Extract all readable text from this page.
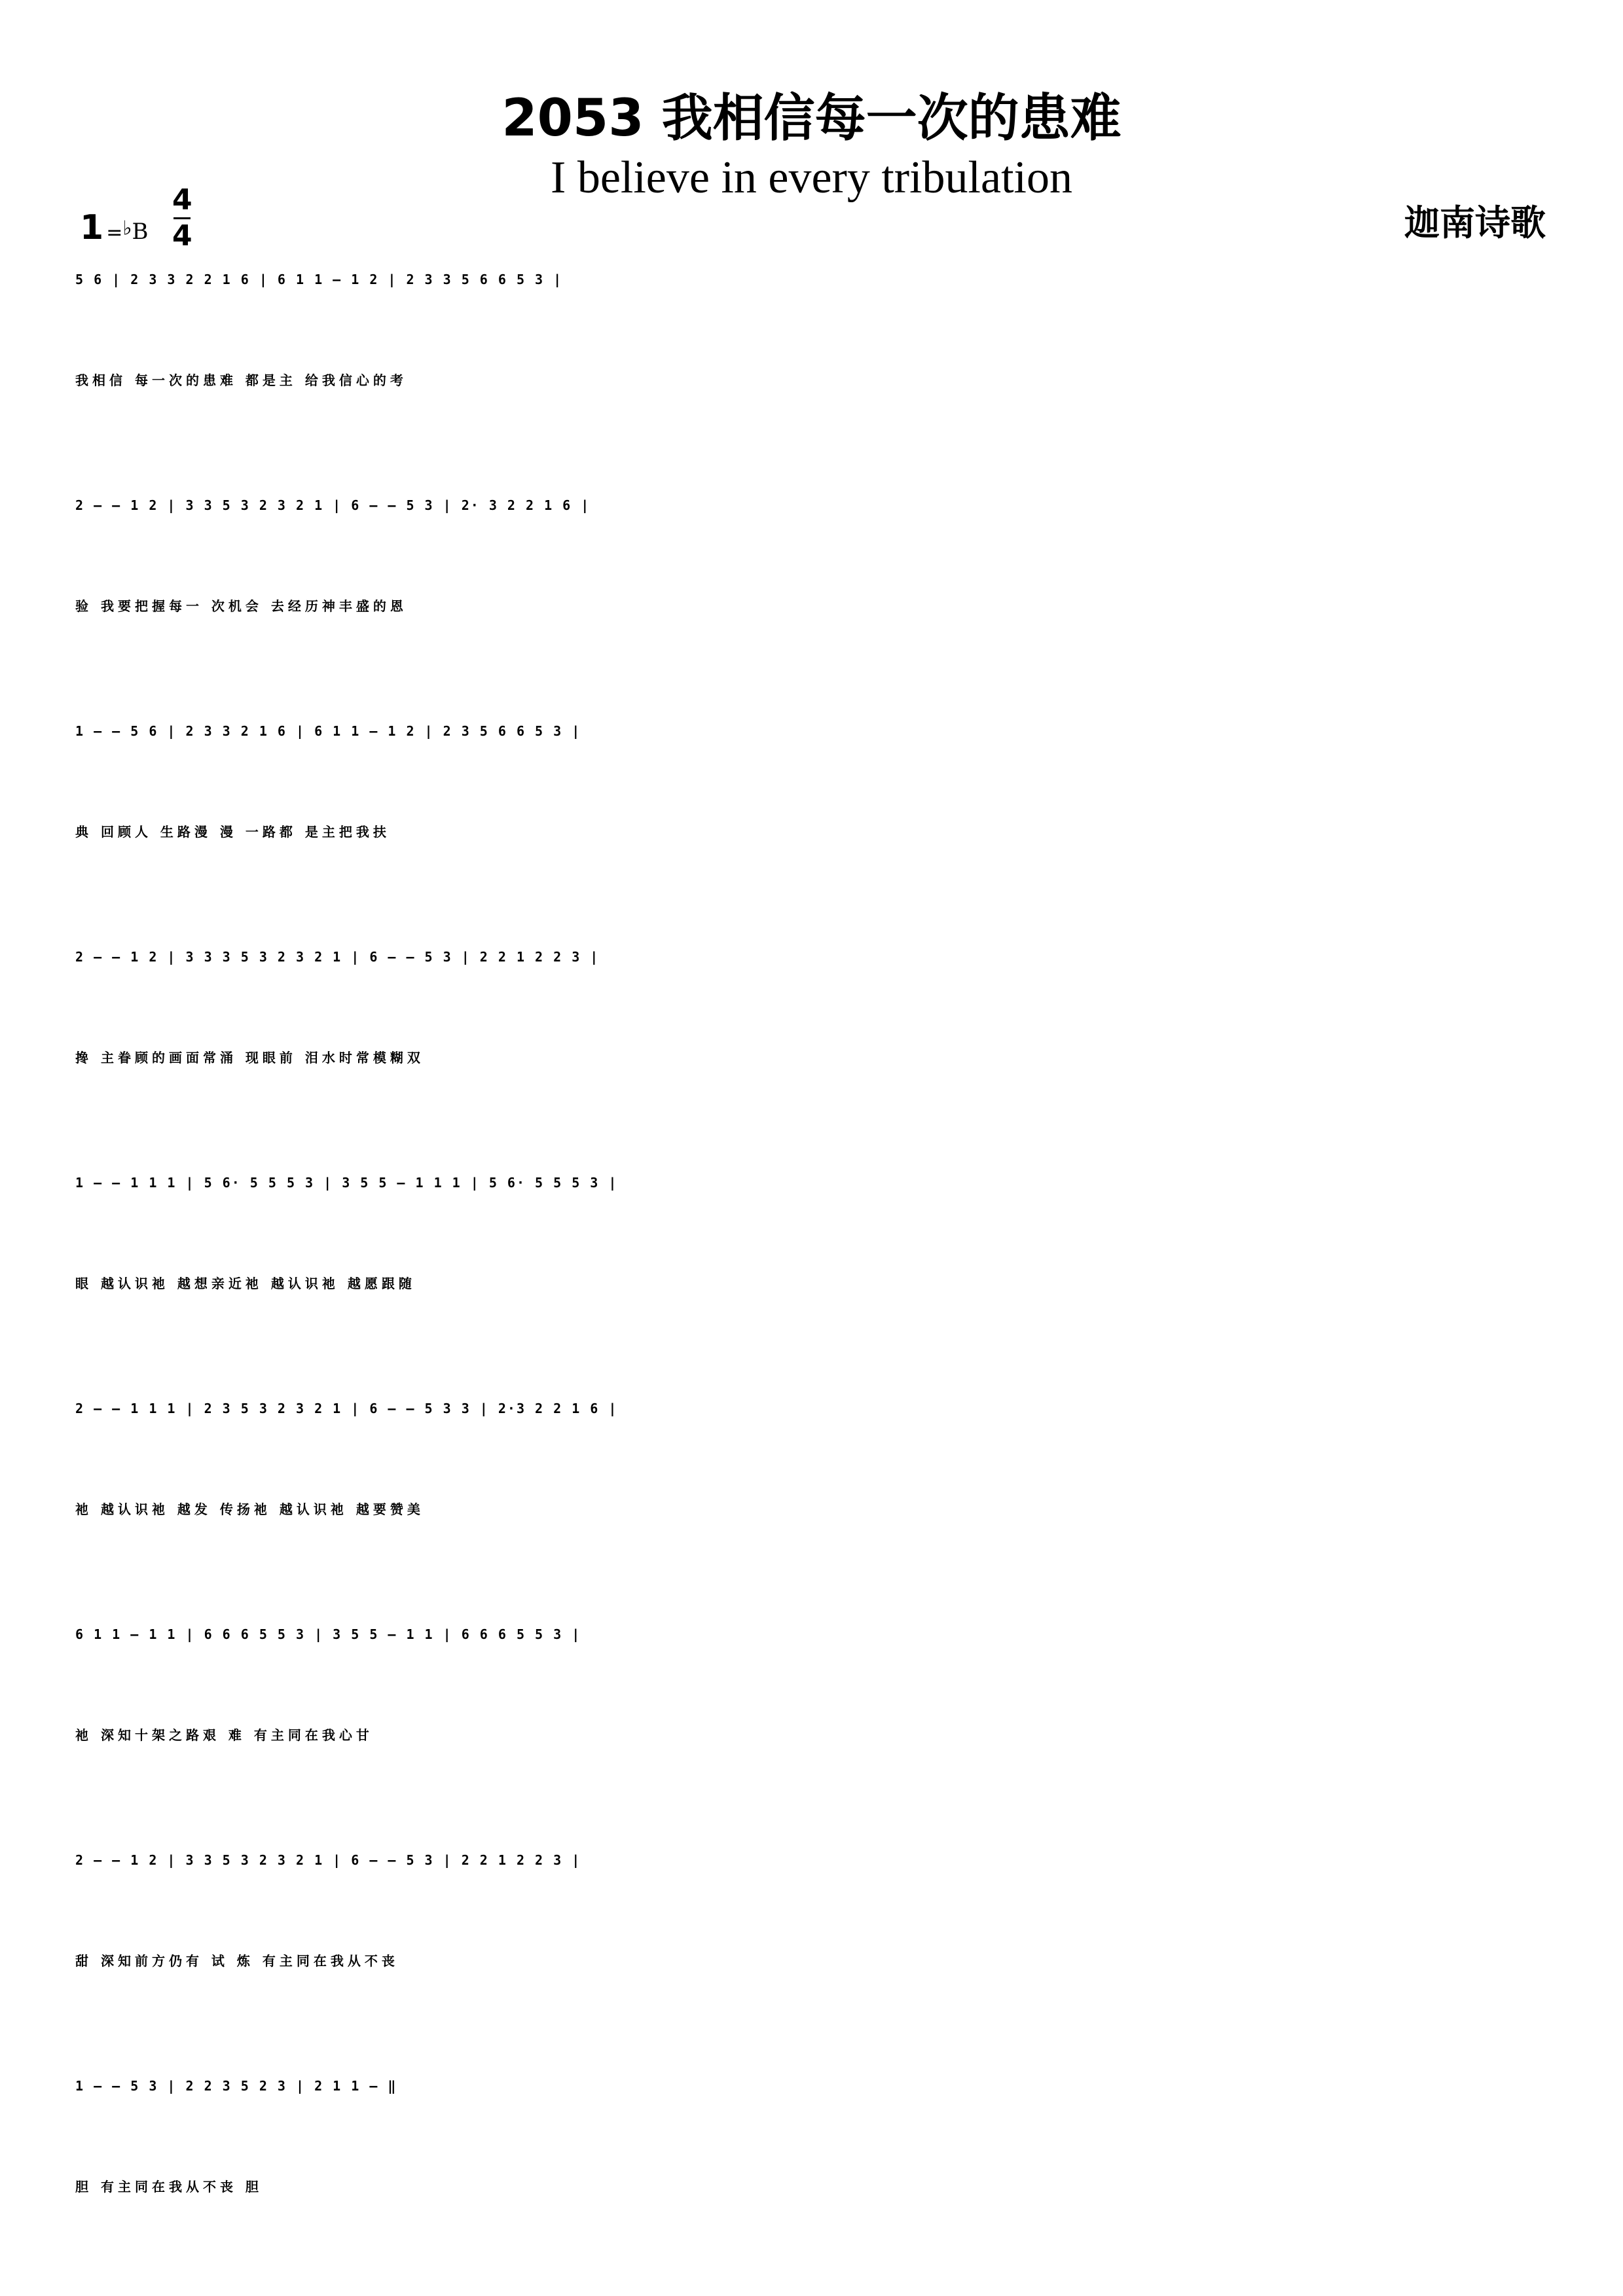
2053 我相信每一次的患难
I believe in every tribulation
迦南诗歌
1 =♭B
4
4
5 6 | 2 3 3 2 2 1 6 | 6 1 1 – 1 2 | 2 3 3 5 6 6 5 3 |
我相信 每一次的患难 都是主 给我信心的考
2 – – 1 2 | 3 3 5 3 2 3 2 1 | 6 – – 5 3 | 2· 3 2 2 1 6 |
验 我要把握每一 次机会 去经历神丰盛的恩
1 – – 5 6 | 2 3 3 2 1 6 | 6 1 1 – 1 2 | 2 3 5 6 6 5 3 |
典 回顾人 生路漫 漫 一路都 是主把我扶
2 – – 1 2 | 3 3 3 5 3 2 3 2 1 | 6 – – 5 3 | 2 2 1 2 2 3 |
搀 主眷顾的画面常涌 现眼前 泪水时常模糊双
1 – – 1 1 1 | 5 6· 5 5 5 3 | 3 5 5 – 1 1 1 | 5 6· 5 5 5 3 |
眼 越认识祂 越想亲近祂 越认识祂 越愿跟随
2 – – 1 1 1 | 2 3 5 3 2 3 2 1 | 6 – – 5 3 3 | 2·3 2 2 1 6 |
祂 越认识祂 越发 传扬祂 越认识祂 越要赞美
6 1 1 – 1 1 | 6 6 6 5 5 3 | 3 5 5 – 1 1 | 6 6 6 5 5 3 |
祂 深知十架之路艰 难 有主同在我心甘
2 – – 1 2 | 3 3 5 3 2 3 2 1 | 6 – – 5 3 | 2 2 1 2 2 3 |
甜 深知前方仍有 试 炼 有主同在我从不丧
1 – – 5 3 | 2 2 3 5 2 3 | 2 1 1 – ‖
胆 有主同在我从不丧 胆
